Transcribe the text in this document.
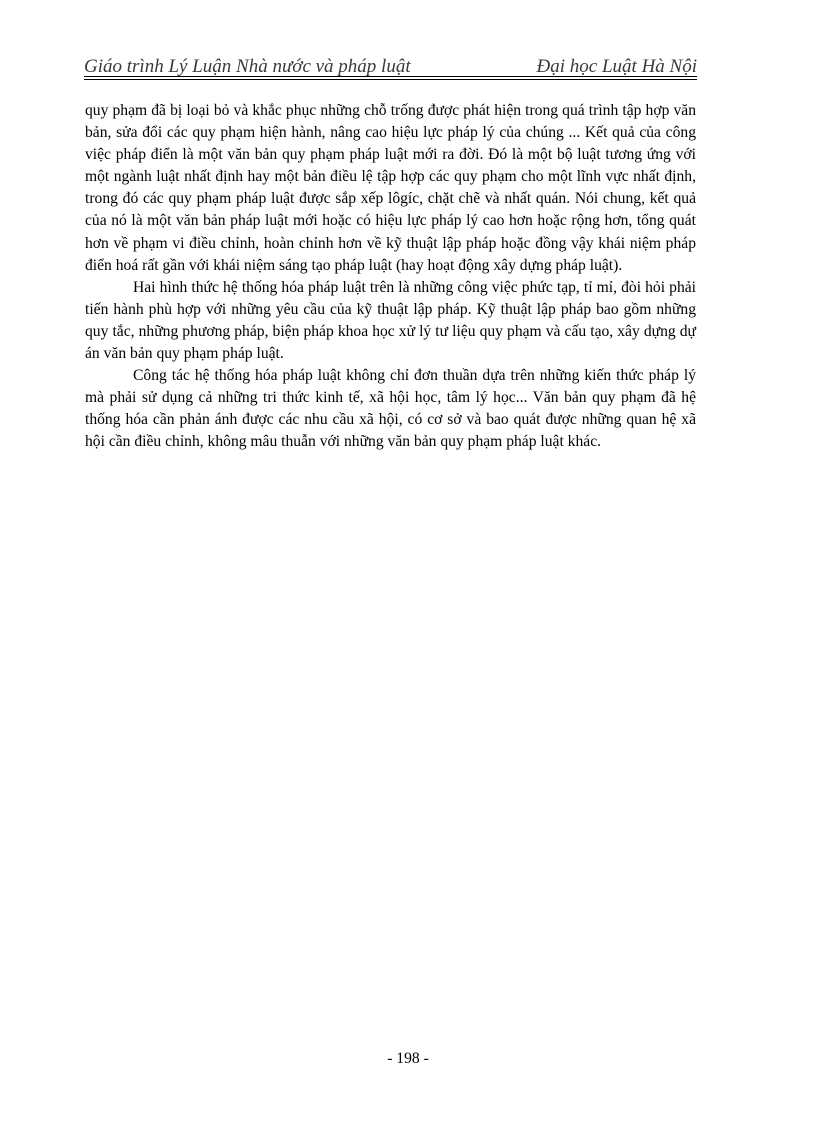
Giáo trình Lý Luận Nhà nước và pháp luật	Đại học Luật Hà Nội

quy phạm đã bị loại bỏ và khắc phục những chỗ trống được phát hiện trong quá trình tập hợp văn bản, sửa đổi các quy phạm hiện hành, nâng cao hiệu lực pháp lý của chúng ... Kết quả của công việc pháp điển là một văn bản quy phạm pháp luật mới ra đời. Đó là một bộ luật tương ứng với một ngành luật nhất định hay một bản điều lệ tập hợp các quy phạm cho một lĩnh vực nhất định, trong đó các quy phạm pháp luật được sắp xếp lôgíc, chặt chẽ và nhất quán. Nói chung, kết quả của nó là một văn bản pháp luật mới hoặc có hiệu lực pháp lý cao hơn hoặc rộng hơn, tổng quát hơn về phạm vi điều chỉnh, hoàn chỉnh hơn về kỹ thuật lập pháp hoặc đồng vậy khái niệm pháp điển hoá rất gần với khái niệm sáng tạo pháp luật (hay hoạt động xây dựng pháp luật).

Hai hình thức hệ thống hóa pháp luật trên là những công việc phức tạp, tỉ mỉ, đòi hỏi phải tiến hành phù hợp với những yêu cầu của kỹ thuật lập pháp. Kỹ thuật lập pháp bao gồm những quy tắc, những phương pháp, biện pháp khoa học xử lý tư liệu quy phạm và cấu tạo, xây dựng dự án văn bản quy phạm pháp luật.

Công tác hệ thống hóa pháp luật không chỉ đơn thuần dựa trên những kiến thức pháp lý mà phải sử dụng cả những tri thức kinh tế, xã hội học, tâm lý học... Văn bản quy phạm đã hệ thống hóa cần phản ánh được các nhu cầu xã hội, có cơ sở và bao quát được những quan hệ xã hội cần điều chỉnh, không mâu thuẫn với những văn bản quy phạm pháp luật khác.

- 198 -
